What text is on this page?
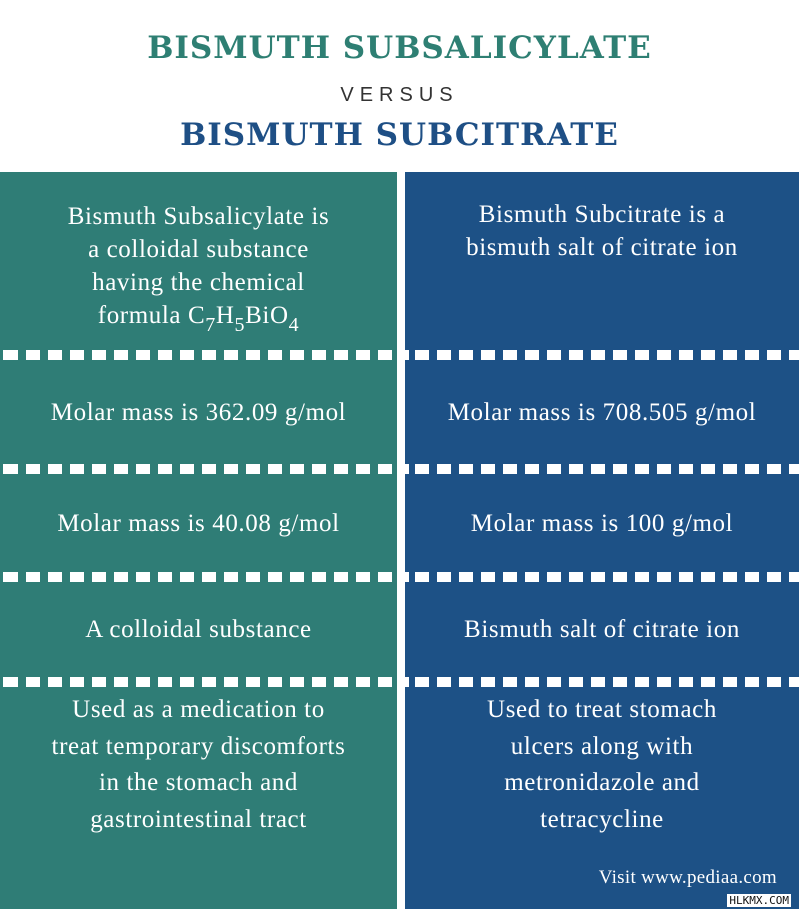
BISMUTH SUBSALICYLATE
VERSUS
BISMUTH SUBCITRATE
Bismuth Subsalicylate is
a colloidal substance
having the chemical
formula $C_7H_5BiO_4$
Molar mass is 362.09 g/mol
Molar mass is 40.08 g/mol
A colloidal substance
Used as a medication to
treat temporary discomforts
in the stomach and
gastrointestinal tract
Bismuth Subcitrate is a
bismuth salt of citrate ion
Molar mass is 708.505 g/mol
Molar mass is 100 g/mol
Bismuth salt of citrate ion
Used to treat stomach
ulcers along with
metronidazole and
tetracycline
Visit www.pediaa.com
HLKMX.COM
